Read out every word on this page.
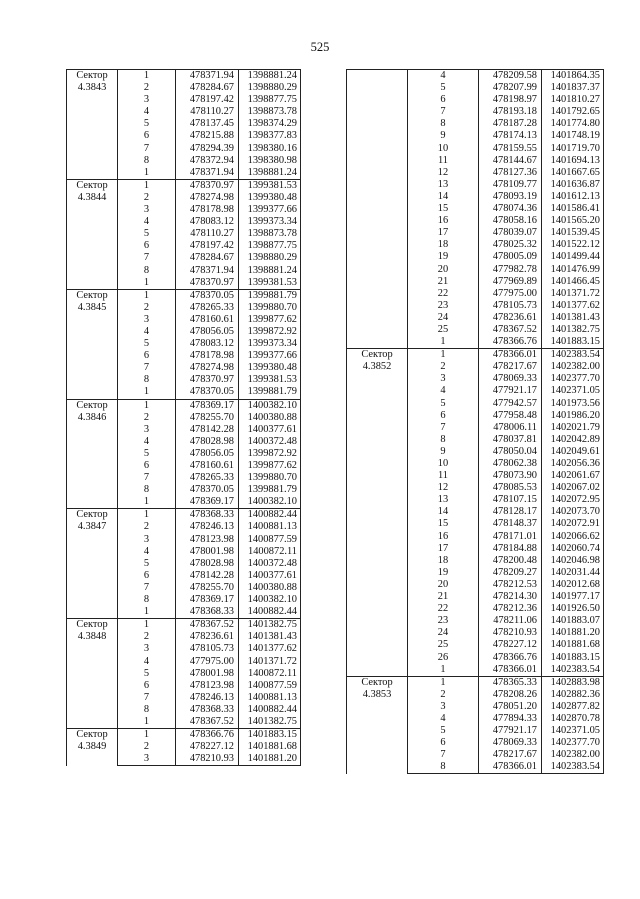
525
Сектор
4.3843	1	478371.94	1398881.24
	2	478284.67	1398880.29
	3	478197.42	1398877.75
	4	478110.27	1398873.78
	5	478137.45	1398374.29
	6	478215.88	1398377.83
	7	478294.39	1398380.16
	8	478372.94	1398380.98
	1	478371.94	1398881.24

Сектор
4.3844	1	478370.97	1399381.53
	2	478274.98	1399380.48
	3	478178.98	1399377.66
	4	478083.12	1399373.34
	5	478110.27	1398873.78
	6	478197.42	1398877.75
	7	478284.67	1398880.29
	8	478371.94	1398881.24
	1	478370.97	1399381.53

Сектор
4.3845	1	478370.05	1399881.79
	2	478265.33	1399880.70
	3	478160.61	1399877.62
	4	478056.05	1399872.92
	5	478083.12	1399373.34
	6	478178.98	1399377.66
	7	478274.98	1399380.48
	8	478370.97	1399381.53
	1	478370.05	1399881.79

Сектор
4.3846	1	478369.17	1400382.10
	2	478255.70	1400380.88
	3	478142.28	1400377.61
	4	478028.98	1400372.48
	5	478056.05	1399872.92
	6	478160.61	1399877.62
	7	478265.33	1399880.70
	8	478370.05	1399881.79
	1	478369.17	1400382.10

Сектор
4.3847	1	478368.33	1400882.44
	2	478246.13	1400881.13
	3	478123.98	1400877.59
	4	478001.98	1400872.11
	5	478028.98	1400372.48
	6	478142.28	1400377.61
	7	478255.70	1400380.88
	8	478369.17	1400382.10
	1	478368.33	1400882.44

Сектор
4.3848	1	478367.52	1401382.75
	2	478236.61	1401381.43
	3	478105.73	1401377.62
	4	477975.00	1401371.72
	5	478001.98	1400872.11
	6	478123.98	1400877.59
	7	478246.13	1400881.13
	8	478368.33	1400882.44
	1	478367.52	1401382.75

Сектор
4.3849	1	478366.76	1401883.15
	2	478227.12	1401881.68
	3	478210.93	1401881.20
	4	478209.58	1401864.35
	5	478207.99	1401837.37
	6	478198.97	1401810.27
	7	478193.18	1401792.65
	8	478187.28	1401774.80
	9	478174.13	1401748.19
	10	478159.55	1401719.70
	11	478144.67	1401694.13
	12	478127.36	1401667.65
	13	478109.77	1401636.87
	14	478093.19	1401612.13
	15	478074.36	1401586.41
	16	478058.16	1401565.20
	17	478039.07	1401539.45
	18	478025.32	1401522.12
	19	478005.09	1401499.44
	20	477982.78	1401476.99
	21	477969.89	1401466.45
	22	477975.00	1401371.72
	23	478105.73	1401377.62
	24	478236.61	1401381.43
	25	478367.52	1401382.75
	1	478366.76	1401883.15

Сектор
4.3852	1	478366.01	1402383.54
	2	478217.67	1402382.00
	3	478069.33	1402377.70
	4	477921.17	1402371.05
	5	477942.57	1401973.56
	6	477958.48	1401986.20
	7	478006.11	1402021.79
	8	478037.81	1402042.89
	9	478050.04	1402049.61
	10	478062.38	1402056.36
	11	478073.90	1402061.67
	12	478085.53	1402067.02
	13	478107.15	1402072.95
	14	478128.17	1402073.70
	15	478148.37	1402072.91
	16	478171.01	1402066.62
	17	478184.88	1402060.74
	18	478200.48	1402046.98
	19	478209.27	1402031.44
	20	478212.53	1402012.68
	21	478214.30	1401977.17
	22	478212.36	1401926.50
	23	478211.06	1401883.07
	24	478210.93	1401881.20
	25	478227.12	1401881.68
	26	478366.76	1401883.15
	1	478366.01	1402383.54

Сектор
4.3853	1	478365.33	1402883.98
	2	478208.26	1402882.36
	3	478051.20	1402877.82
	4	477894.33	1402870.78
	5	477921.17	1402371.05
	6	478069.33	1402377.70
	7	478217.67	1402382.00
	8	478366.01	1402383.54
